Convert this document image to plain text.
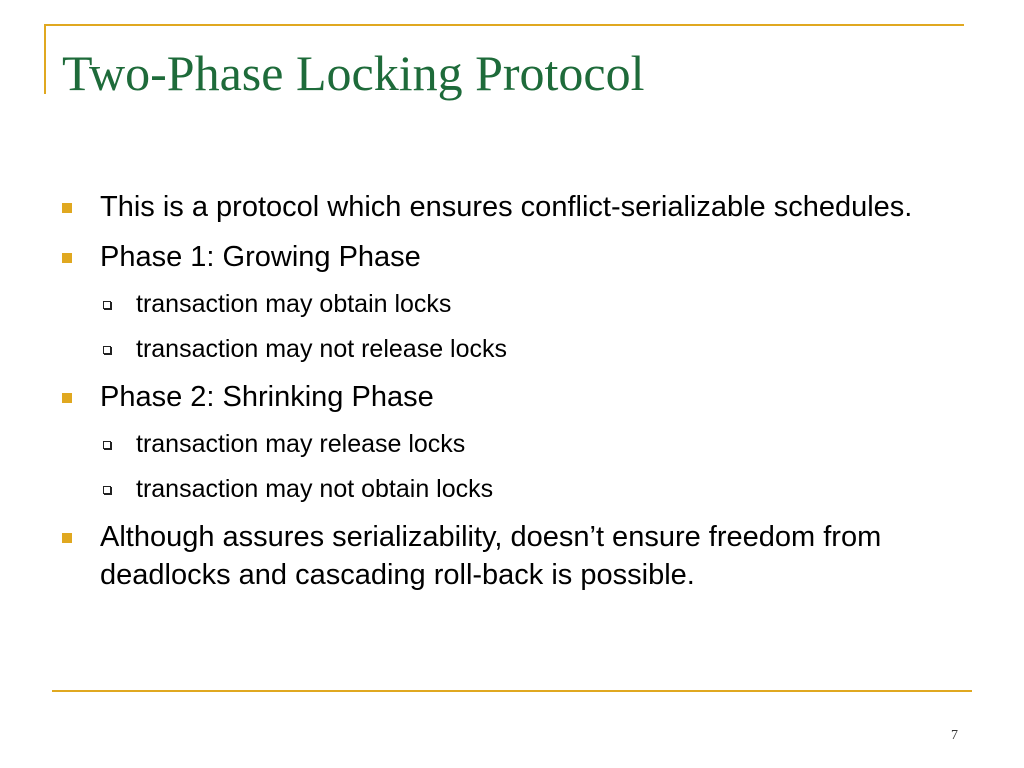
Two-Phase Locking Protocol
This is a protocol which ensures conflict-serializable schedules.
Phase 1: Growing Phase
transaction may obtain locks
transaction may not release locks
Phase 2: Shrinking Phase
transaction may release locks
transaction may not obtain locks
Although assures serializability, doesn’t ensure freedom from deadlocks and cascading roll-back is possible.
7
